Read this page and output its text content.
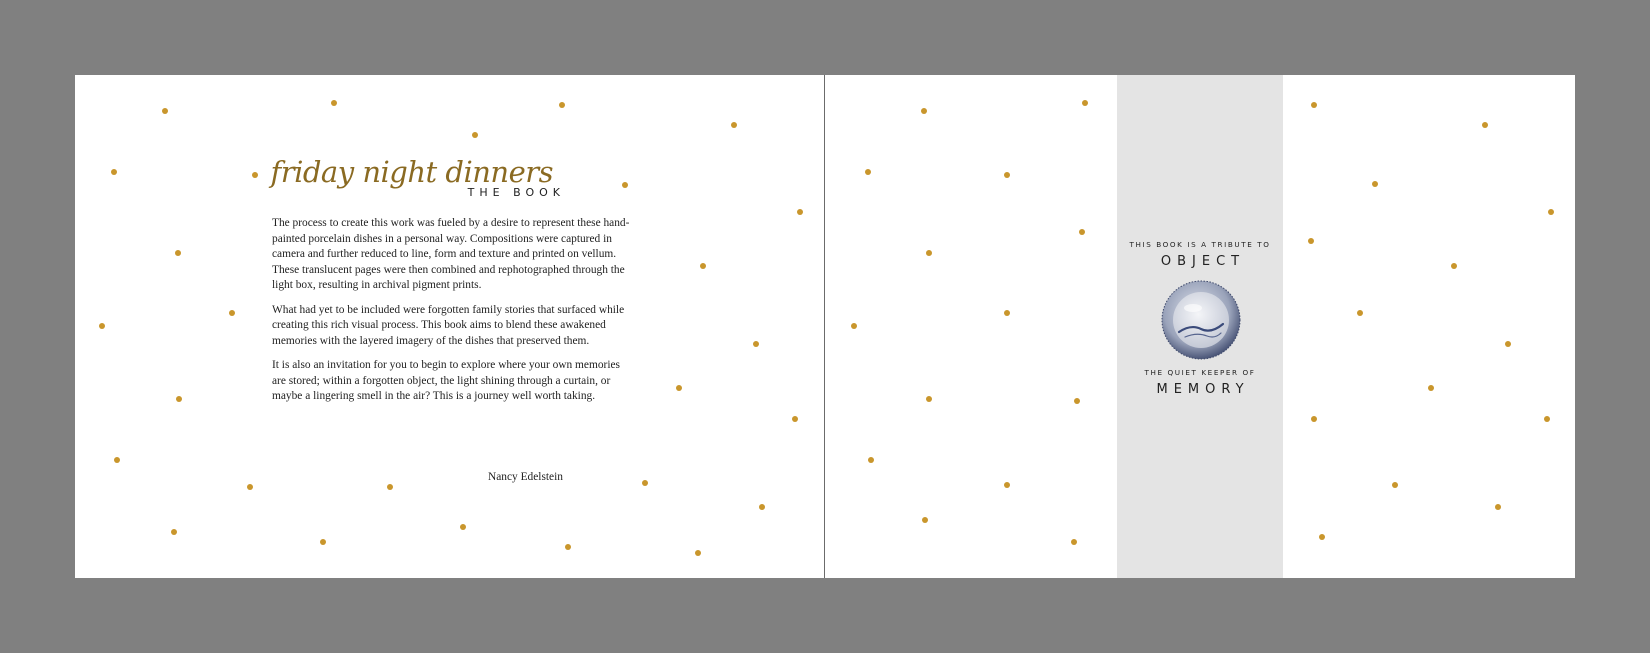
friday night dinners
THE BOOK

The process to create this work was fueled by a desire to represent these hand-painted porcelain dishes in a personal way. Compositions were captured in camera and further reduced to line, form and texture and printed on vellum. These translucent pages were then combined and rephotographed through the light box, resulting in archival pigment prints.

What had yet to be included were forgotten family stories that surfaced while creating this rich visual process. This book aims to blend these awakened memories with the layered imagery of the dishes that preserved them.

It is also an invitation for you to begin to explore where your own memories are stored; within a forgotten object, the light shining through a curtain, or maybe a lingering smell in the air? This is a journey well worth taking.

Nancy Edelstein
THIS BOOK IS A TRIBUTE TO
OBJECT
THE QUIET KEEPER OF
MEMORY
